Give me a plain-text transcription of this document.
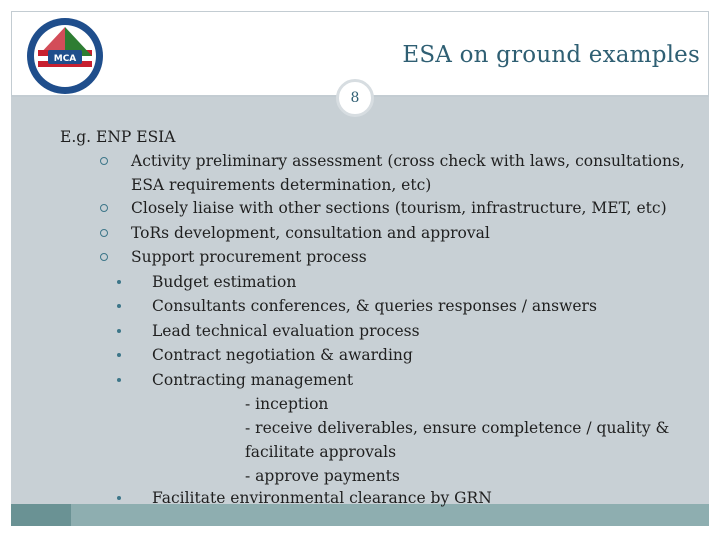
MCA	ESA on ground examples
8
E.g. ENP ESIA
Activity preliminary assessment (cross check with laws, consultations,
ESA requirements determination, etc)
Closely liaise with other sections (tourism, infrastructure, MET, etc)
ToRs development, consultation and approval
Support procurement process
Budget estimation
Consultants conferences, & queries responses / answers
Lead technical evaluation process
Contract negotiation & awarding
Contracting management
- inception
- receive deliverables, ensure completence / quality &
facilitate approvals
- approve payments
Facilitate environmental clearance by GRN
